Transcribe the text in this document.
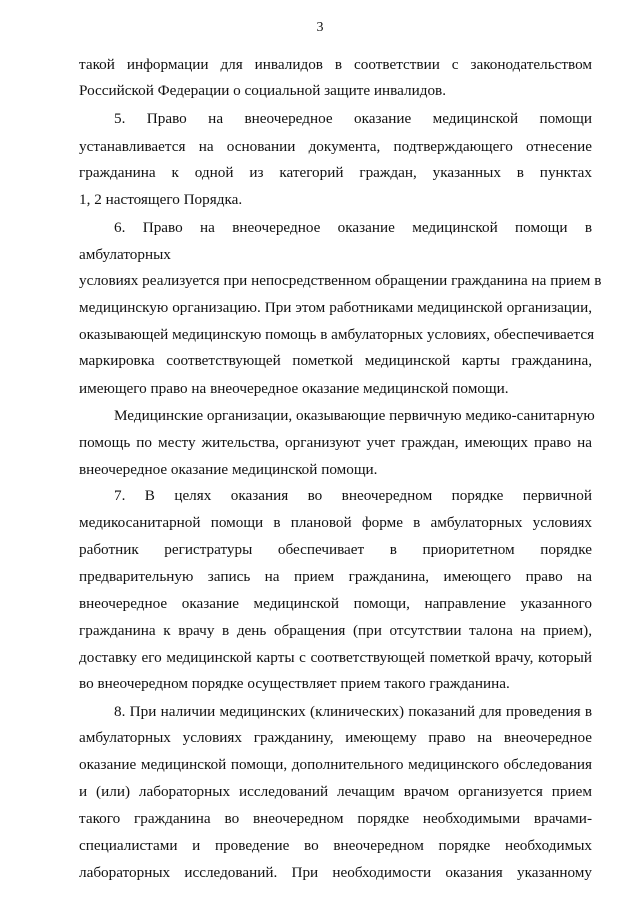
3
такой информации для инвалидов в соответствии с законодательством
Российской Федерации о социальной защите инвалидов.
5. Право на внеочередное оказание медицинской помощи
устанавливается на основании документа, подтверждающего отнесение
гражданина к одной из категорий граждан, указанных в пунктах
1, 2 настоящего Порядка.
6. Право на внеочередное оказание медицинской помощи в
амбулаторных
условиях реализуется при непосредственном обращении гражданина на прием в
медицинскую организацию. При этом работниками медицинской организации,
оказывающей медицинскую помощь в амбулаторных условиях, обеспечивается
маркировка соответствующей пометкой медицинской карты гражданина,
имеющего право на внеочередное оказание медицинской помощи.
Медицинские организации, оказывающие первичную медико-санитарную
помощь по месту жительства, организуют учет граждан, имеющих право на
внеочередное оказание медицинской помощи.
7. В целях оказания во внеочередном порядке первичной
медикосанитарной помощи в плановой форме в амбулаторных условиях
работник регистратуры обеспечивает в приоритетном порядке
предварительную запись на прием гражданина, имеющего право на
внеочередное оказание медицинской помощи, направление указанного
гражданина к врачу в день обращения (при отсутствии талона на прием),
доставку его медицинской карты с соответствующей пометкой врачу, который
во внеочередном порядке осуществляет прием такого гражданина.
8. При наличии медицинских (клинических) показаний для проведения в
амбулаторных условиях гражданину, имеющему право на внеочередное
оказание медицинской помощи, дополнительного медицинского обследования
и (или) лабораторных исследований лечащим врачом организуется прием
такого гражданина во внеочередном порядке необходимыми врачами-
специалистами и проведение во внеочередном порядке необходимых
лабораторных исследований. При необходимости оказания указанному
